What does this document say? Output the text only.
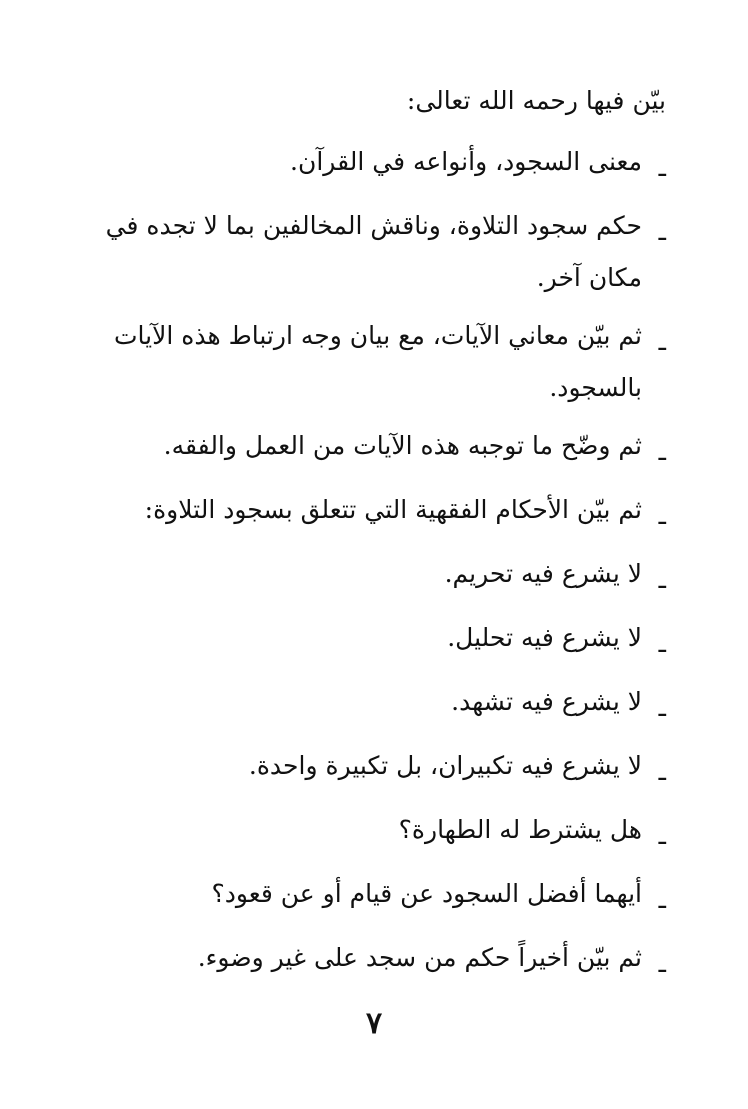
بيّن فيها رحمه الله تعالى:
ـ
معنى السجود، وأنواعه في القرآن.
ـ
حكم سجود التلاوة، وناقش المخالفين بما لا تجده في مكان آخر.
ـ
ثم بيّن معاني الآيات، مع بيان وجه ارتباط هذه الآيات بالسجود.
ـ
ثم وضّح ما توجبه هذه الآيات من العمل والفقه.
ـ
ثم بيّن الأحكام الفقهية التي تتعلق بسجود التلاوة:
ـ
لا يشرع فيه تحريم.
ـ
لا يشرع فيه تحليل.
ـ
لا يشرع فيه تشهد.
ـ
لا يشرع فيه تكبيران، بل تكبيرة واحدة.
ـ
هل يشترط له الطهارة؟
ـ
أيهما أفضل السجود عن قيام أو عن قعود؟
ـ
ثم بيّن أخيراً حكم من سجد على غير وضوء.
٧
